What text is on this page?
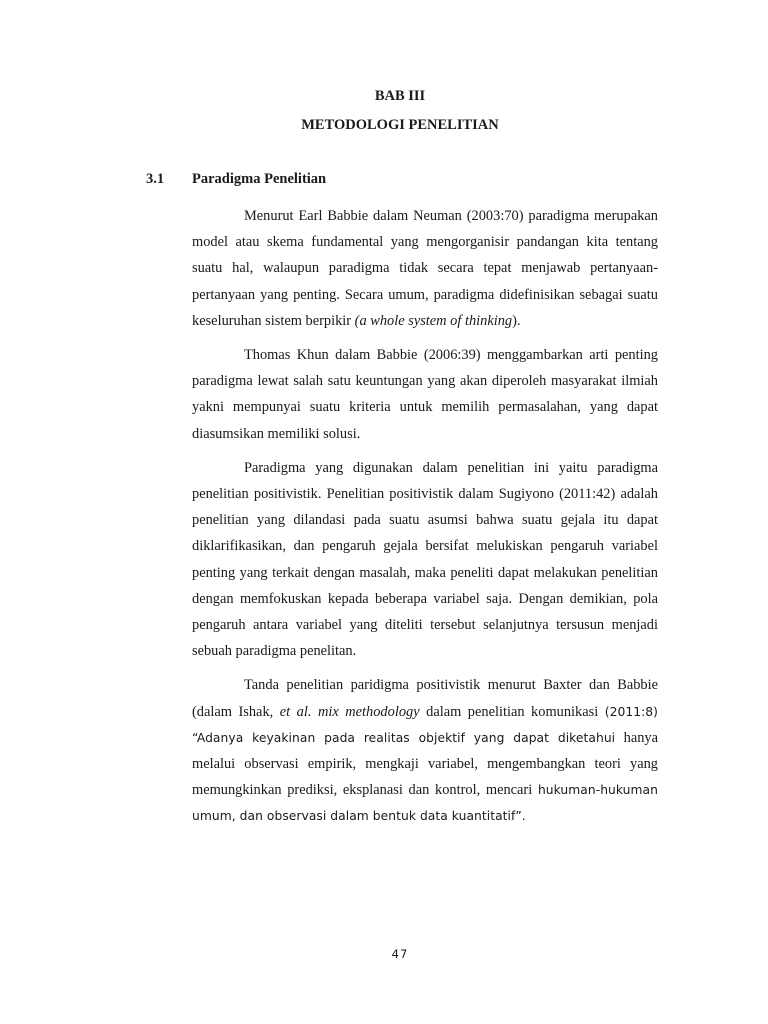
BAB III
METODOLOGI PENELITIAN
3.1 Paradigma Penelitian

Menurut Earl Babbie dalam Neuman (2003:70) paradigma merupakan model atau skema fundamental yang mengorganisir pandangan kita tentang suatu hal, walaupun paradigma tidak secara tepat menjawab pertanyaan-pertanyaan yang penting. Secara umum, paradigma didefinisikan sebagai suatu keseluruhan sistem berpikir (a whole system of thinking).

Thomas Khun dalam Babbie (2006:39) menggambarkan arti penting paradigma lewat salah satu keuntungan yang akan diperoleh masyarakat ilmiah yakni mempunyai suatu kriteria untuk memilih permasalahan, yang dapat diasumsikan memiliki solusi.

Paradigma yang digunakan dalam penelitian ini yaitu paradigma penelitian positivistik. Penelitian positivistik dalam Sugiyono (2011:42) adalah penelitian yang dilandasi pada suatu asumsi bahwa suatu gejala itu dapat diklarifikasikan, dan pengaruh gejala bersifat melukiskan pengaruh variabel penting yang terkait dengan masalah, maka peneliti dapat melakukan penelitian dengan memfokuskan kepada beberapa variabel saja. Dengan demikian, pola pengaruh antara variabel yang diteliti tersebut selanjutnya tersusun menjadi sebuah paradigma penelitan.

Tanda penelitian paridigma positivistik menurut Baxter dan Babbie (dalam Ishak, et al. mix methodology dalam penelitian komunikasi (2011:8) “Adanya keyakinan pada realitas objektif yang dapat diketahui hanya melalui observasi empirik, mengkaji variabel, mengembangkan teori yang memungkinkan prediksi, eksplanasi dan kontrol, mencari hukuman-hukuman umum, dan observasi dalam bentuk data kuantitatif”.

47
